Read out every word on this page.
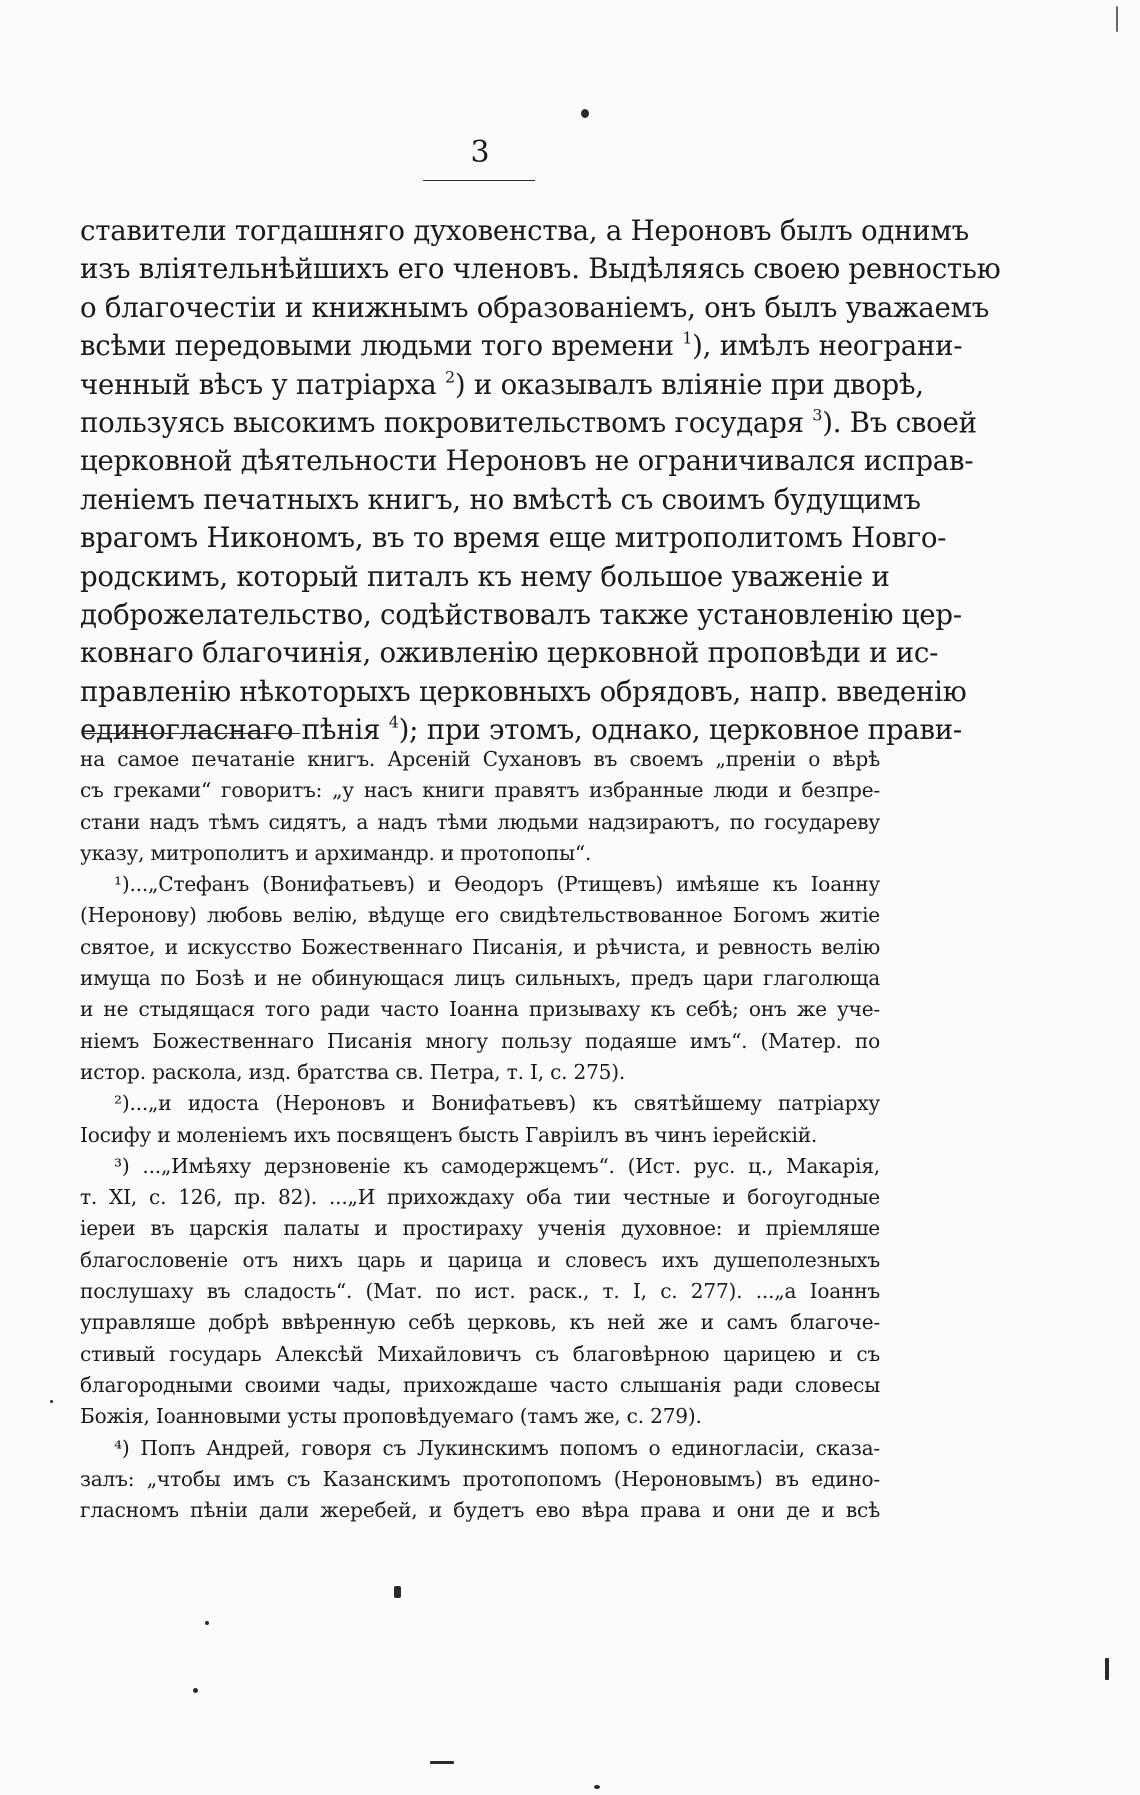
3
ставители тогдашняго духовенства, а Нероновъ былъ однимъ
изъ вліятельнѣйшихъ его членовъ. Выдѣляясь своею ревностью
о благочестіи и книжнымъ образованіемъ, онъ былъ уважаемъ
всѣми передовыми людьми того времени $^1$), имѣлъ неограни-
ченный вѣсъ у патріарха $^2$) и оказывалъ вліяніе при дворѣ,
пользуясь высокимъ покровительствомъ государя $^3$). Въ своей
церковной дѣятельности Нероновъ не ограничивался исправ-
леніемъ печатныхъ книгъ, но вмѣстѣ съ своимъ будущимъ
врагомъ Никономъ, въ то время еще митрополитомъ Новго-
родскимъ, который питалъ къ нему большое уваженіе и
доброжелательство, содѣйствовалъ также установленію цер-
ковнаго благочинія, оживленію церковной проповѣди и ис-
правленію нѣкоторыхъ церковныхъ обрядовъ, напр. введенію
единогласнаго пѣнія $^4$); при этомъ, однако, церковное прави-
на самое печатаніе книгъ. Арсеній Сухановъ въ своемъ „преніи о вѣрѣ
съ греками“ говоритъ: „у насъ книги правятъ избранные люди и безпре-
стани надъ тѣмъ сидятъ, а надъ тѣми людьми надзираютъ, по государеву
указу, митрополитъ и архимандр. и протопопы“.
¹)...„Стефанъ (Вонифатьевъ) и Ѳеодоръ (Ртищевъ) имѣяше къ Іоанну
(Неронову) любовь велію, вѣдуще его свидѣтельствованное Богомъ житіе
святое, и искусство Божественнаго Писанія, и рѣчиста, и ревность велію
имуща по Бозѣ и не обинующася лицъ сильныхъ, предъ цари глаголюща
и не стыдящася того ради часто Іоанна призываху къ себѣ; онъ же уче-
ніемъ Божественнаго Писанія многу пользу подаяше имъ“. (Матер. по
истор. раскола, изд. братства св. Петра, т. I, с. 275).
²)...„и идоста (Нероновъ и Вонифатьевъ) къ святѣйшему патріарху
Іосифу и моленіемъ ихъ посвященъ бысть Гавріилъ въ чинъ іерейскій.
³) ...„Имѣяху дерзновеніе къ самодержцемъ“. (Ист. рус. ц., Макарія,
т. XI, с. 126, пр. 82). ...„И прихождаху оба тии честные и богоугодные
іереи въ царскія палаты и простираху ученія духовное: и пріемляше
благословеніе отъ нихъ царь и царица и словесъ ихъ душеполезныхъ
послушаху въ сладость“. (Мат. по ист. раск., т. I, с. 277). ...„а Іоаннъ
управляше добрѣ ввѣренную себѣ церковь, къ ней же и самъ благоче-
стивый государь Алексѣй Михайловичъ съ благовѣрною царицею и съ
благородными своими чады, прихождаше часто слышанія ради словесы
Божія, Іоанновыми усты проповѣдуемаго (тамъ же, с. 279).
⁴) Попъ Андрей, говоря съ Лукинскимъ попомъ о единогласіи, сказа-
залъ: „чтобы имъ съ Казанскимъ протопопомъ (Нероновымъ) въ едино-
гласномъ пѣніи дали жеребей, и будетъ ево вѣра права и они де и всѣ
